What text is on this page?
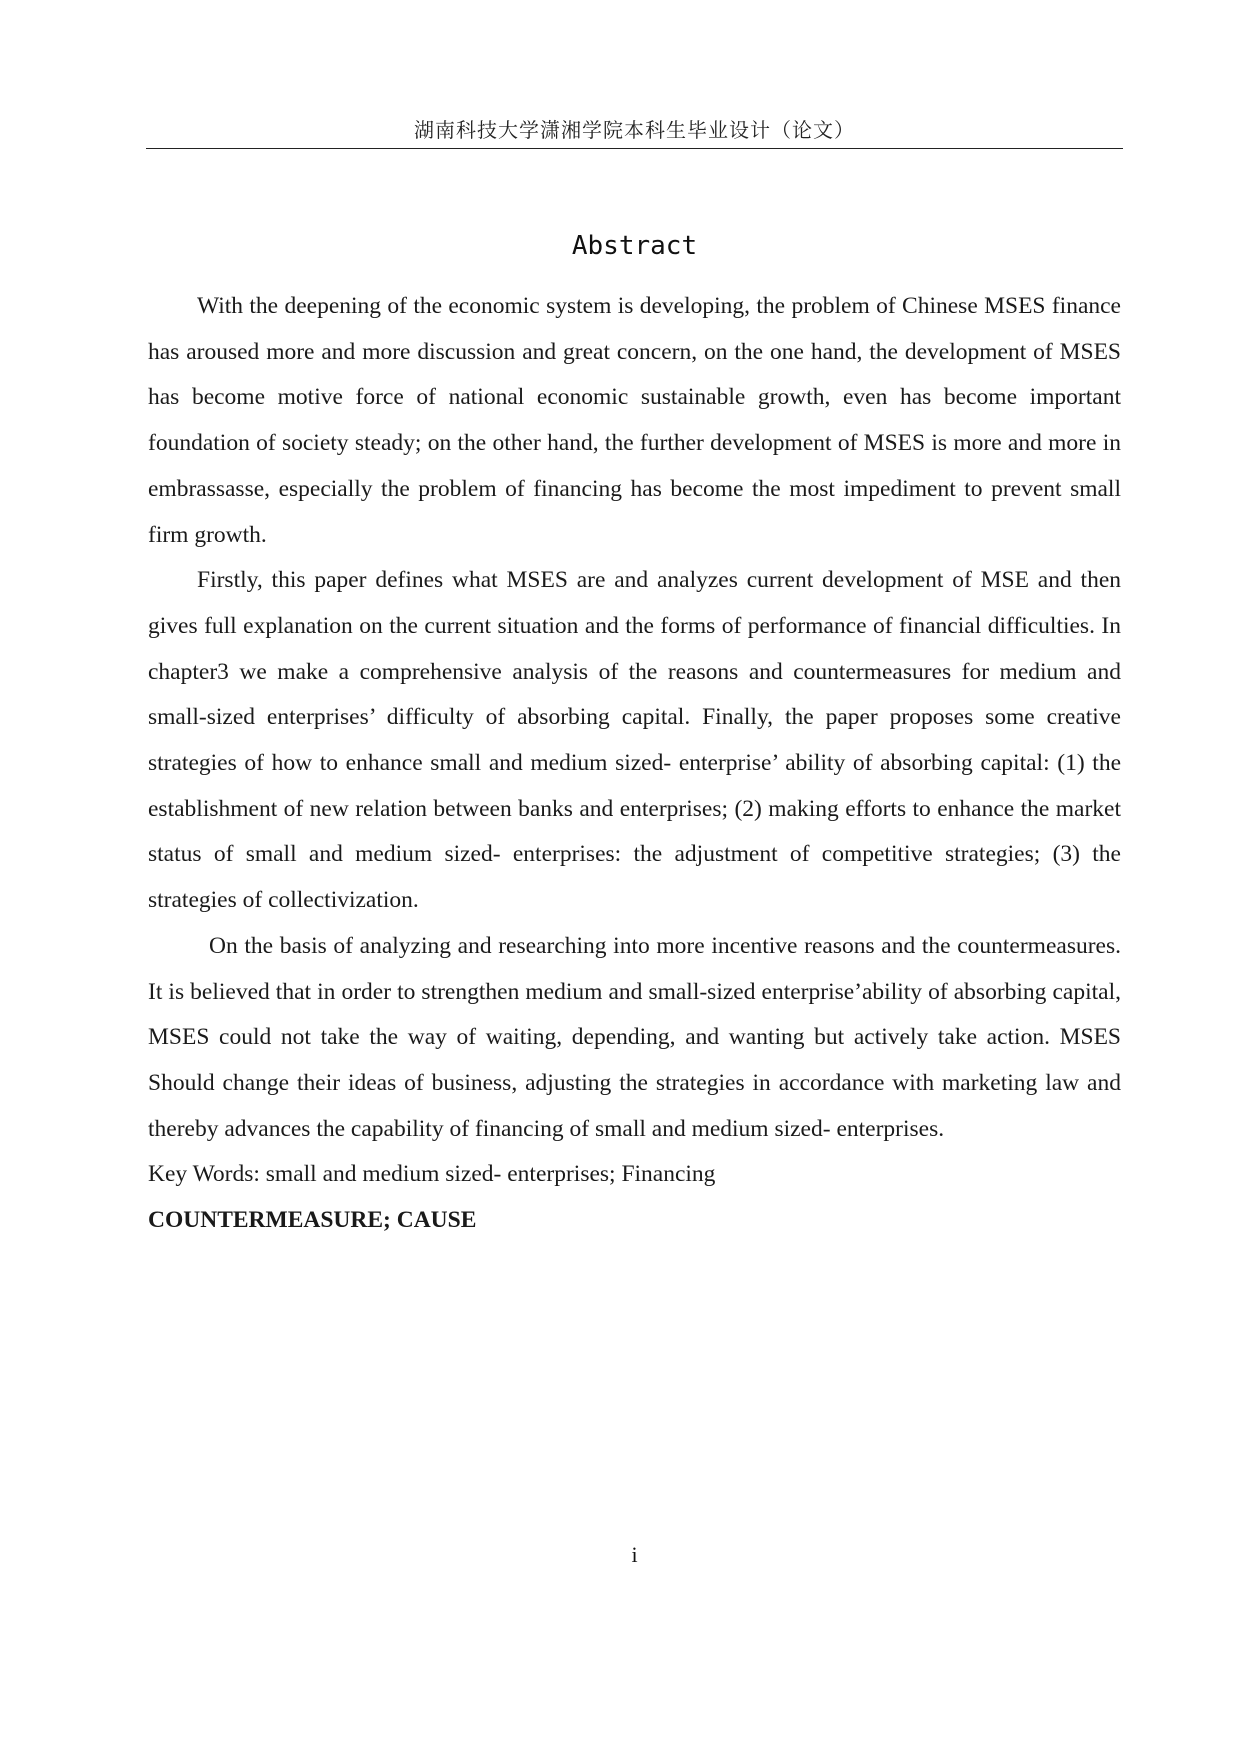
湖南科技大学潇湘学院本科生毕业设计（论文）
Abstract

With the deepening of the economic system is developing, the problem of Chinese MSES finance has aroused more and more discussion and great concern, on the one hand, the development of MSES has become motive force of national economic sustainable growth, even has become important foundation of society steady; on the other hand, the further development of MSES is more and more in embrassasse, especially the problem of financing has become the most impediment to prevent small firm growth.

Firstly, this paper defines what MSES are and analyzes current development of MSE and then gives full explanation on the current situation and the forms of performance of financial difficulties. In chapter3 we make a comprehensive analysis of the reasons and countermeasures for medium and small-sized enterprises’ difficulty of absorbing capital. Finally, the paper proposes some creative strategies of how to enhance small and medium sized- enterprise’ ability of absorbing capital: (1) the establishment of new relation between banks and enterprises; (2) making efforts to enhance the market status of small and medium sized- enterprises: the adjustment of competitive strategies; (3) the strategies of collectivization.

On the basis of analyzing and researching into more incentive reasons and the countermeasures. It is believed that in order to strengthen medium and small-sized enterprise’ability of absorbing capital, MSES could not take the way of waiting, depending, and wanting but actively take action. MSES Should change their ideas of business, adjusting the strategies in accordance with marketing law and thereby advances the capability of financing of small and medium sized- enterprises.

Key Words: small and medium sized- enterprises; Financing

COUNTERMEASURE; CAUSE

i
